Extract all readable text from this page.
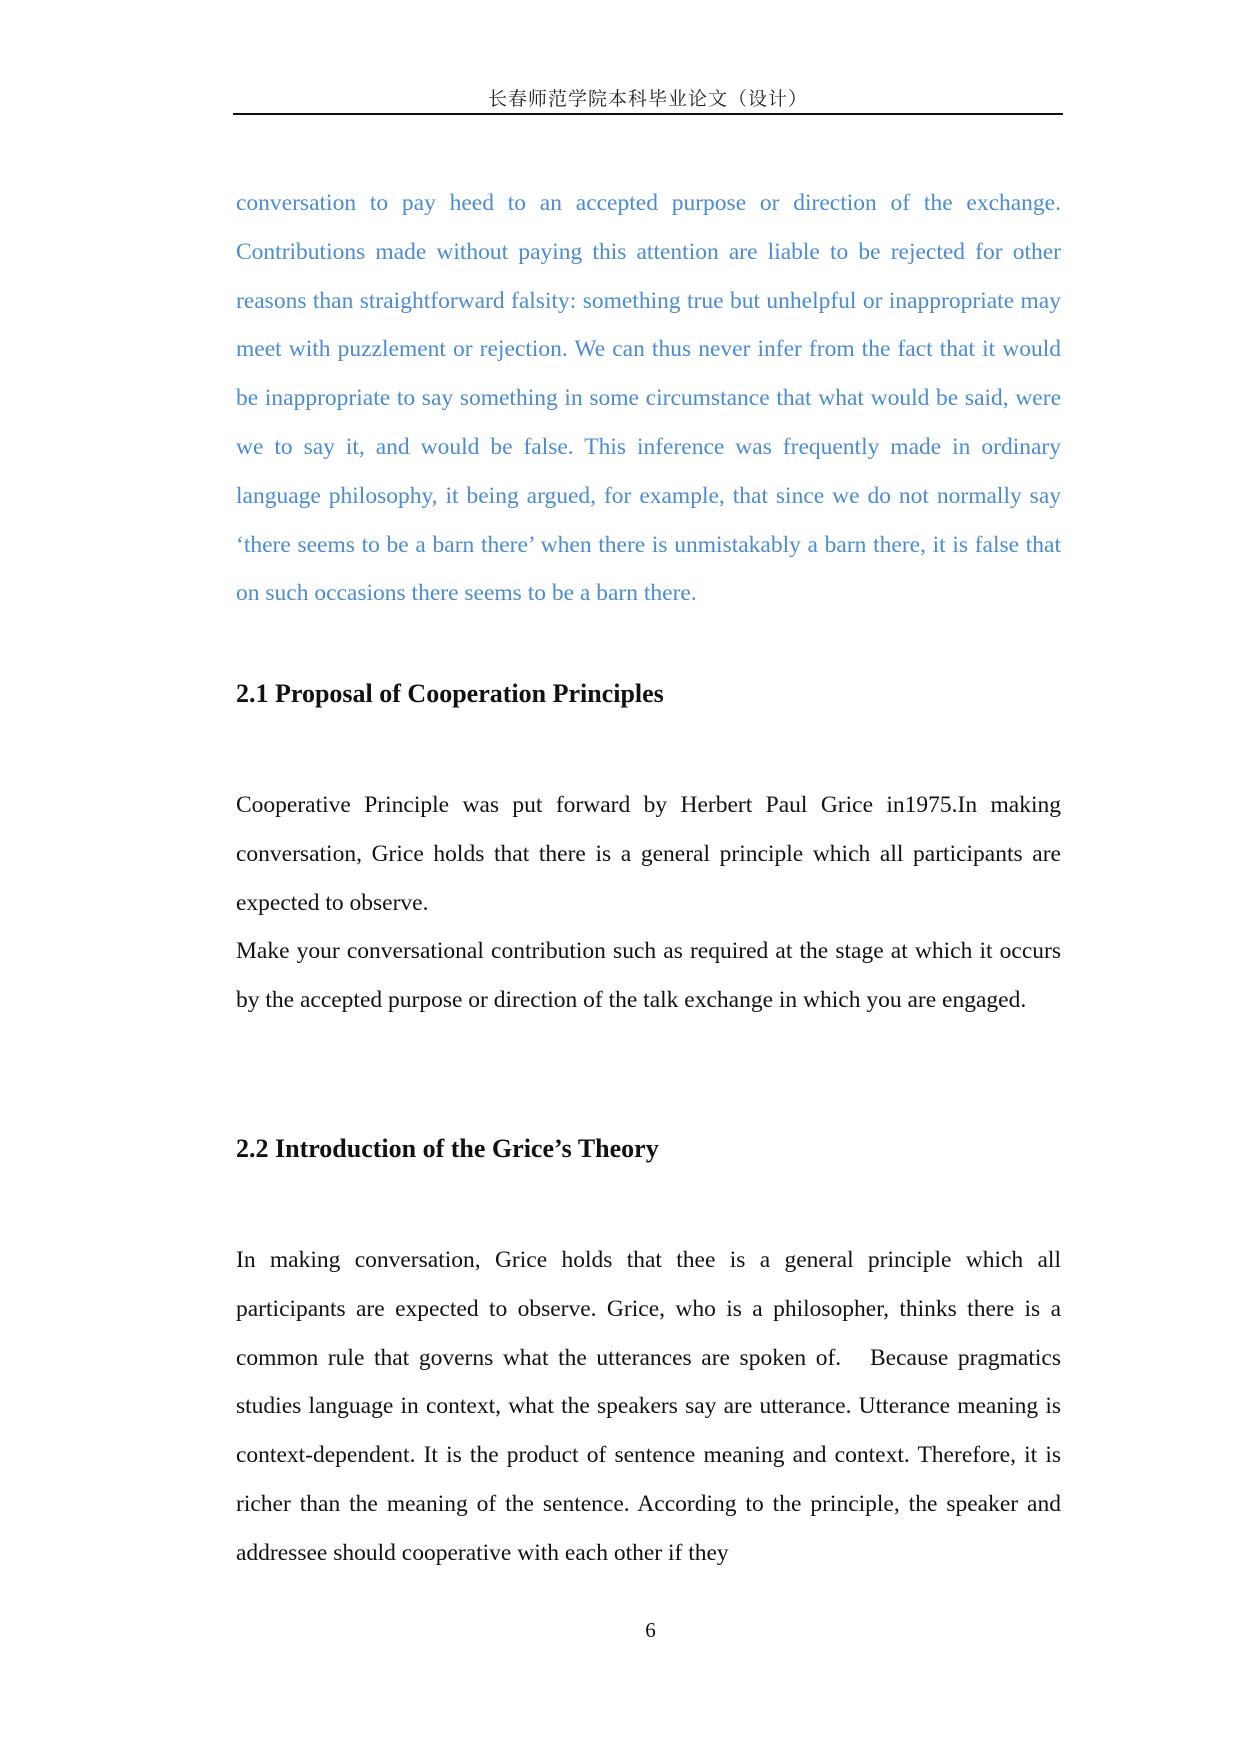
长春师范学院本科毕业论文（设计）

conversation to pay heed to an accepted purpose or direction of the exchange. Contributions made without paying this attention are liable to be rejected for other reasons than straightforward falsity: something true but unhelpful or inappropriate may meet with puzzlement or rejection. We can thus never infer from the fact that it would be inappropriate to say something in some circumstance that what would be said, were we to say it, and would be false. This inference was frequently made in ordinary language philosophy, it being argued, for example, that since we do not normally say ‘there seems to be a barn there’ when there is unmistakably a barn there, it is false that on such occasions there seems to be a barn there.

2.1 Proposal of Cooperation Principles

Cooperative Principle was put forward by Herbert Paul Grice in1975.In making conversation, Grice holds that there is a general principle which all participants are expected to observe.

Make your conversational contribution such as required at the stage at which it occurs by the accepted purpose or direction of the talk exchange in which you are engaged.

2.2 Introduction of the Grice’s Theory

In making conversation, Grice holds that thee is a general principle which all participants are expected to observe. Grice, who is a philosopher, thinks there is a common rule that governs what the utterances are spoken of.   Because pragmatics studies language in context, what the speakers say are utterance. Utterance meaning is context-dependent. It is the product of sentence meaning and context. Therefore, it is richer than the meaning of the sentence. According to the principle, the speaker and addressee should cooperative with each other if they

6
